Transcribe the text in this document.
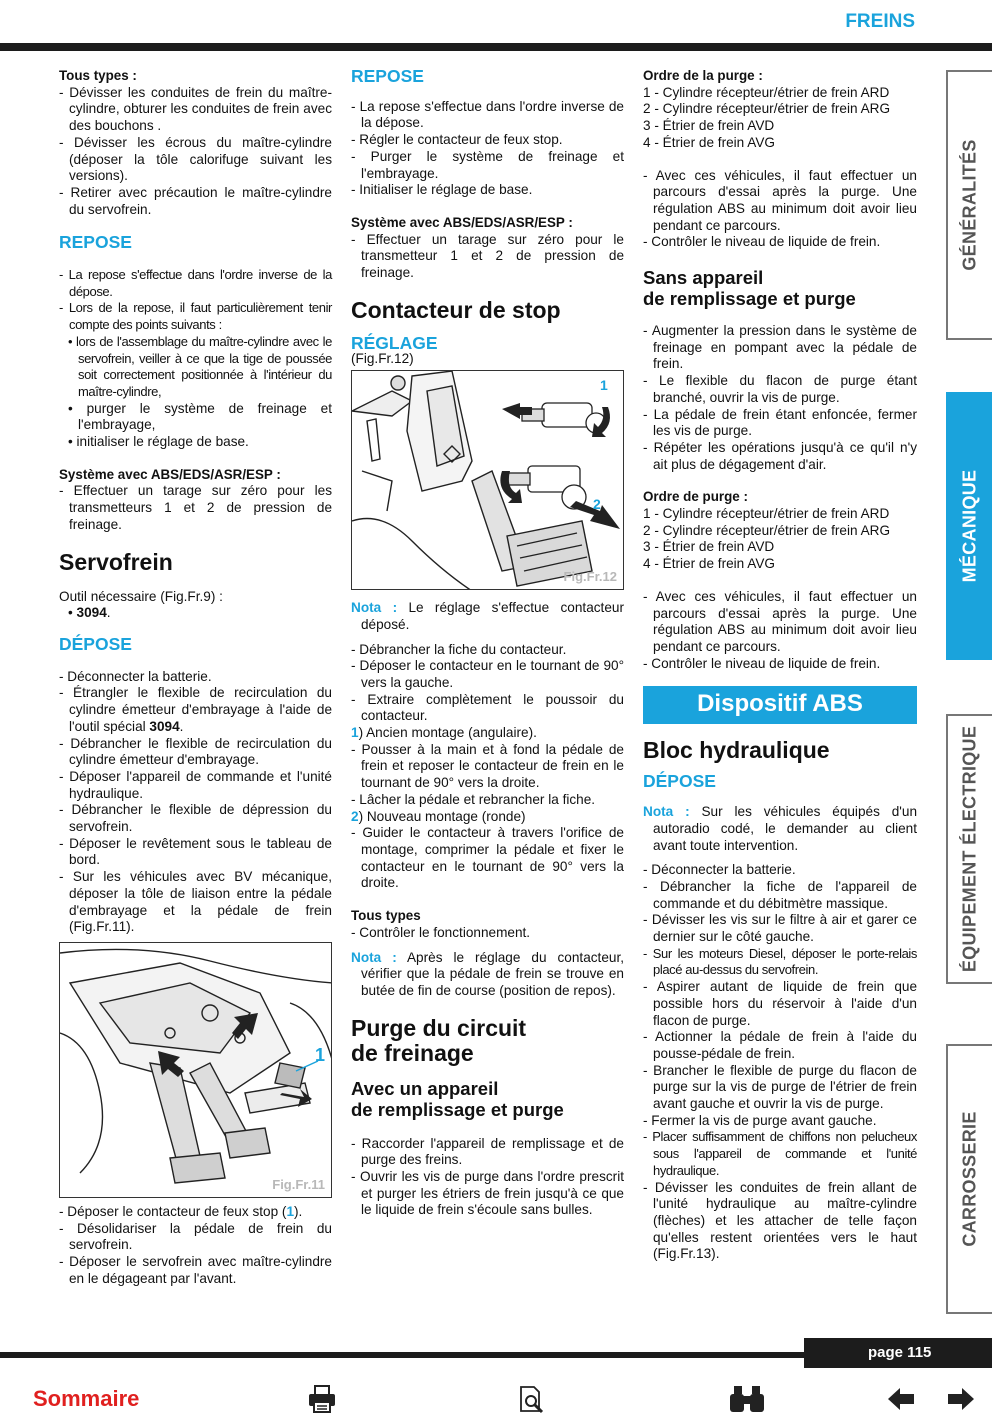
FREINS
Tous types :
- Dévisser les conduites de frein du maître-cylindre, obturer les conduites de frein avec des bouchons .
- Dévisser les écrous du maître-cylindre (déposer la tôle calorifuge suivant les versions).
- Retirer avec précaution le maître-cylindre du servofrein.
REPOSE
- La repose s'effectue dans l'ordre inverse de la dépose.
- Lors de la repose, il faut particulièrement tenir compte des points suivants :
• lors de l'assemblage du maître-cylindre avec le servofrein, veiller à ce que la tige de poussée soit correctement positionnée à l'intérieur du maître-cylindre,
• purger le système de freinage et l'embrayage,
• initialiser le réglage de base.
Système avec ABS/EDS/ASR/ESP :
- Effectuer un tarage sur zéro pour les transmetteurs 1 et 2 de pression de freinage.
Servofrein
Outil nécessaire (Fig.Fr.9) :
• 3094.
DÉPOSE
- Déconnecter la batterie.
- Étrangler le flexible de recirculation du cylindre émetteur d'embrayage à l'aide de l'outil spécial 3094.
- Débrancher le flexible de recirculation du cylindre émetteur d'embrayage.
- Déposer l'appareil de commande et l'unité hydraulique.
- Débrancher le flexible de dépression du servofrein.
- Déposer le revêtement sous le tableau de bord.
- Sur les véhicules avec BV mécanique, déposer la tôle de liaison entre la pédale d'embrayage et la pédale de frein (Fig.Fr.11).
1
Fig.Fr.11
- Déposer le contacteur de feux stop (1).
- Désolidariser la pédale de frein du servofrein.
- Déposer le servofrein avec maître-cylindre en le dégageant par l'avant.
REPOSE
- La repose s'effectue dans l'ordre inverse de la dépose.
- Régler le contacteur de feux stop.
- Purger le système de freinage et l'embrayage.
- Initialiser le réglage de base.
Système avec ABS/EDS/ASR/ESP :
- Effectuer un tarage sur zéro pour le transmetteur 1 et 2 de pression de freinage.
Contacteur de stop
RÉGLAGE
(Fig.Fr.12)
1
2
Fig.Fr.12
Nota : Le réglage s'effectue contacteur déposé.
- Débrancher la fiche du contacteur.
- Déposer le contacteur en le tournant de 90° vers la gauche.
- Extraire complètement le poussoir du contacteur.
1) Ancien montage (angulaire).
- Pousser à la main et à fond la pédale de frein et reposer le contacteur de frein en le tournant de 90° vers la droite.
- Lâcher la pédale et rebrancher la fiche.
2) Nouveau montage (ronde)
- Guider le contacteur à travers l'orifice de montage, comprimer la pédale et fixer le contacteur en le tournant de 90° vers la droite.
Tous types
- Contrôler le fonctionnement.
Nota : Après le réglage du contacteur, vérifier que la pédale de frein se trouve en butée de fin de course (position de repos).
Purge du circuit
de freinage
Avec un appareil
de remplissage et purge
- Raccorder l'appareil de remplissage et de purge des freins.
- Ouvrir les vis de purge dans l'ordre prescrit et purger les étriers de frein jusqu'à ce que le liquide de frein s'écoule sans bulles.
Ordre de la purge :
1 - Cylindre récepteur/étrier de frein ARD
2 - Cylindre récepteur/étrier de frein ARG
3 - Étrier de frein AVD
4 - Étrier de frein AVG
- Avec ces véhicules, il faut effectuer un parcours d'essai après la purge. Une régulation ABS au minimum doit avoir lieu pendant ce parcours.
- Contrôler le niveau de liquide de frein.
Sans appareil
de remplissage et purge
- Augmenter la pression dans le système de freinage en pompant avec la pédale de frein.
- Le flexible du flacon de purge étant branché, ouvrir la vis de purge.
- La pédale de frein étant enfoncée, fermer les vis de purge.
- Répéter les opérations jusqu'à ce qu'il n'y ait plus de dégagement d'air.
Ordre de purge :
1 - Cylindre récepteur/étrier de frein ARD
2 - Cylindre récepteur/étrier de frein ARG
3 - Étrier de frein AVD
4 - Étrier de frein AVG
- Avec ces véhicules, il faut effectuer un parcours d'essai après la purge. Une régulation ABS au minimum doit avoir lieu pendant ce parcours.
- Contrôler le niveau de liquide de frein.
Dispositif ABS
Bloc hydraulique
DÉPOSE
Nota : Sur les véhicules équipés d'un autoradio codé, le demander au client avant toute intervention.
- Déconnecter la batterie.
- Débrancher la fiche de l'appareil de commande et du débitmètre massique.
- Dévisser les vis sur le filtre à air et garer ce dernier sur le côté gauche.
- Sur les moteurs Diesel, déposer le porte-relais placé au-dessus du servofrein.
- Aspirer autant de liquide de frein que possible hors du réservoir à l'aide d'un flacon de purge.
- Actionner la pédale de frein à l'aide du pousse-pédale de frein.
- Brancher le flexible de purge du flacon de purge sur la vis de purge de l'étrier de frein avant gauche et ouvrir la vis de purge.
- Fermer la vis de purge avant gauche.
- Placer suffisamment de chiffons non pelucheux sous l'appareil de commande et l'unité hydraulique.
- Dévisser les conduites de frein allant de l'unité hydraulique au maître-cylindre (flèches) et les attacher de telle façon qu'elles restent orientées vers le haut (Fig.Fr.13).
GÉNÉRALITÉS
MÉCANIQUE
ÉQUIPEMENT ÉLECTRIQUE
CARROSSERIE
page 115
Sommaire
